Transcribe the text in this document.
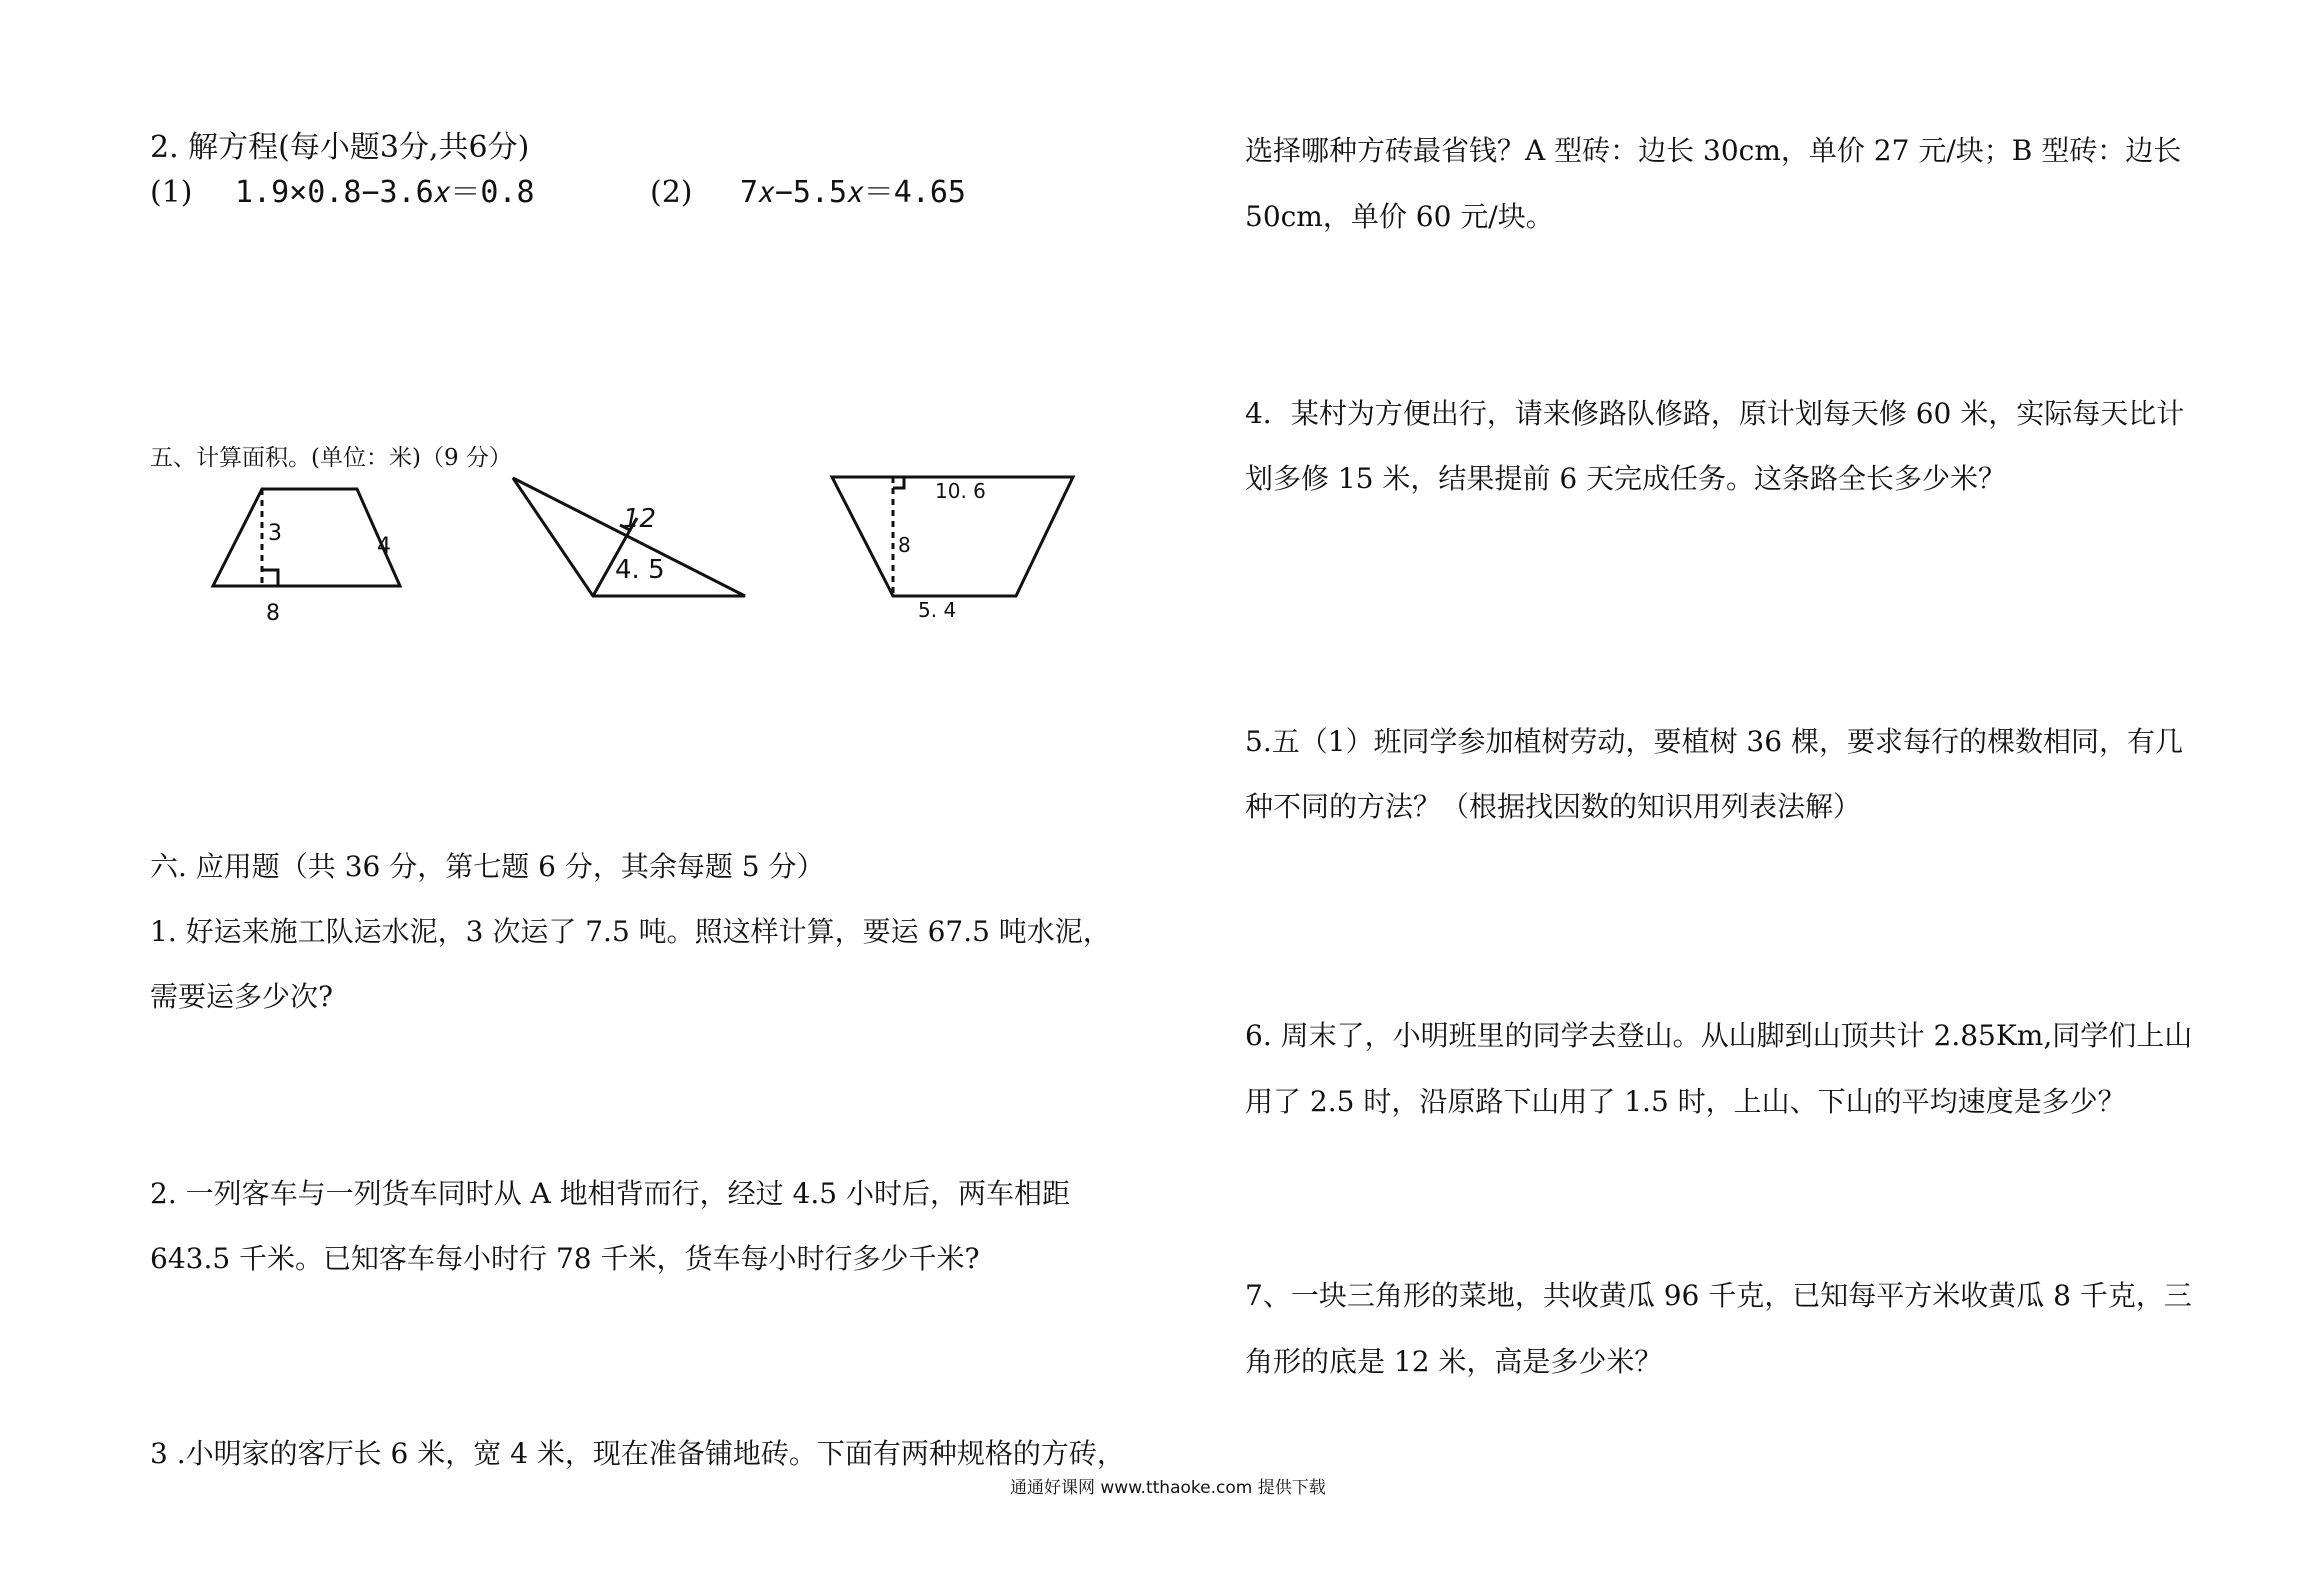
2. 解方程(每小题3分,共6分)
(1) 1.9×0.8−3.6𝑥＝0.8	(2) 7𝑥−5.5𝑥＝4.65
五、计算面积。(单位：米)（9 分）
3
4
8
12
4. 5
10. 6
8
5. 4
六. 应用题（共 36 分，第七题 6 分，其余每题 5 分）
1. 好运来施工队运水泥，3 次运了 7.5 吨。照这样计算，要运 67.5 吨水泥，
需要运多少次?
2. 一列客车与一列货车同时从 A 地相背而行，经过 4.5 小时后，两车相距
643.5 千米。已知客车每小时行 78 千米，货车每小时行多少千米?
3 .小明家的客厅长 6 米，宽 4 米，现在准备铺地砖。下面有两种规格的方砖，
选择哪种方砖最省钱？A 型砖：边长 30cm，单价 27 元/块；B 型砖：边长
50cm，单价 60 元/块。
4．某村为方便出行，请来修路队修路，原计划每天修 60 米，实际每天比计
划多修 15 米，结果提前 6 天完成任务。这条路全长多少米？
5.五（1）班同学参加植树劳动，要植树 36 棵，要求每行的棵数相同，有几
种不同的方法？（根据找因数的知识用列表法解）
6. 周末了，小明班里的同学去登山。从山脚到山顶共计 2.85Km,同学们上山
用了 2.5 时，沿原路下山用了 1.5 时，上山、下山的平均速度是多少？
7、一块三角形的菜地，共收黄瓜 96 千克，已知每平方米收黄瓜 8 千克，三
角形的底是 12 米，高是多少米？
通通好课网 www.tthaoke.com 提供下载
